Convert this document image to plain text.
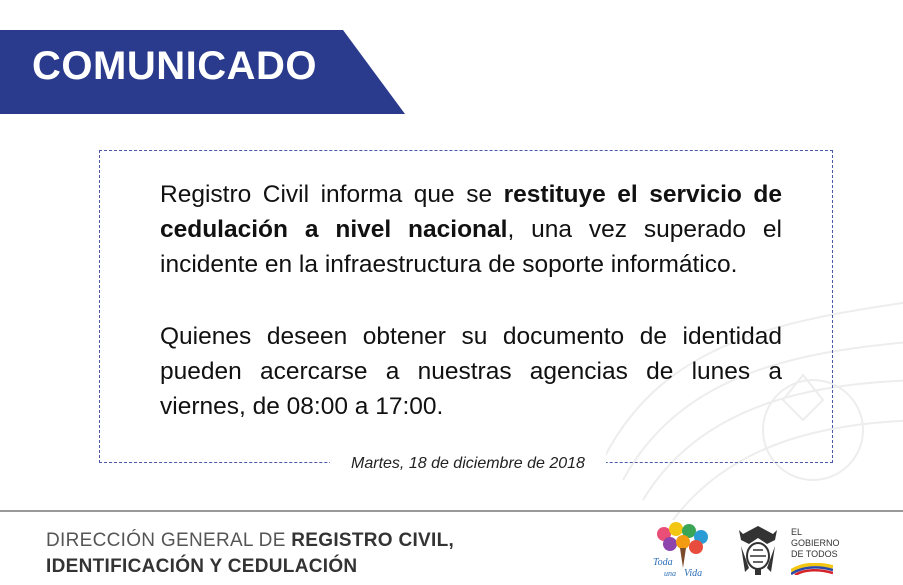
COMUNICADO
Registro Civil informa que se restituye el servicio de cedulación a nivel nacional, una vez superado el incidente en la infraestructura de soporte informático.
Quienes deseen obtener su documento de identidad pueden acercarse a nuestras agencias de lunes a viernes, de 08:00 a 17:00.
Martes, 18 de diciembre de 2018
DIRECCIÓN GENERAL DE REGISTRO CIVIL,
IDENTIFICACIÓN Y CEDULACIÓN	Toda
una Vida
EL
GOBIERNO
DE TODOS
